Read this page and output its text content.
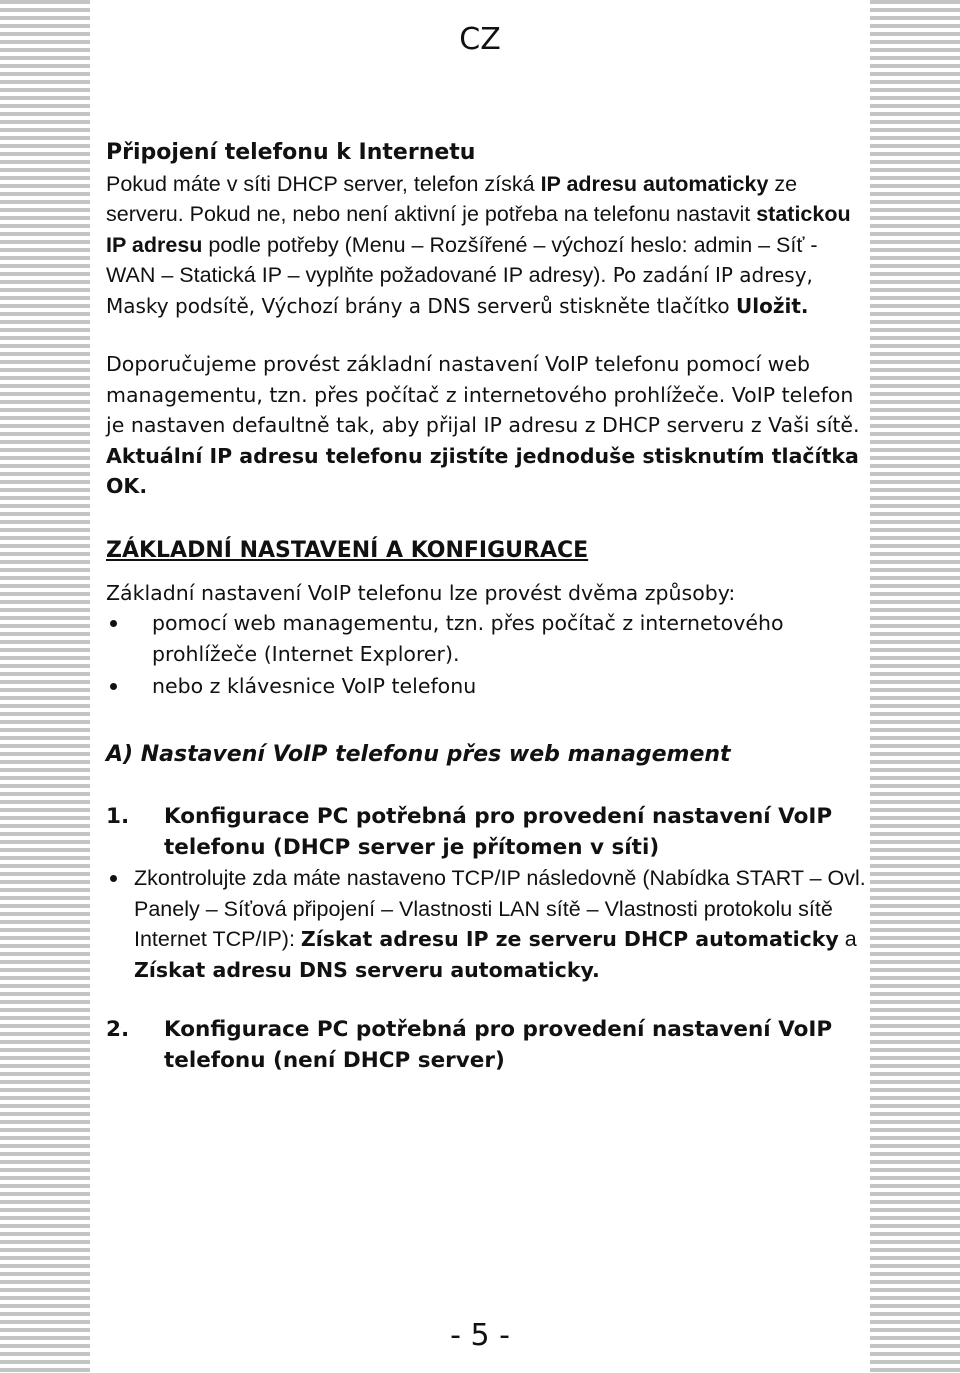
CZ

Připojení telefonu k Internetu

Pokud máte v síti DHCP server, telefon získá IP adresu automaticky ze serveru. Pokud ne, nebo není aktivní je potřeba na telefonu nastavit statickou IP adresu podle potřeby (Menu – Rozšířené – výchozí heslo: admin – Síť - WAN – Statická IP – vyplňte požadované IP adresy). Po zadání IP adresy, Masky podsítě, Výchozí brány a DNS serverů stiskněte tlačítko Uložit.

Doporučujeme provést základní nastavení VoIP telefonu pomocí web managementu, tzn. přes počítač z internetového prohlížeče. VoIP telefon je nastaven defaultně tak, aby přijal IP adresu z DHCP serveru z Vaši sítě. Aktuální IP adresu telefonu zjistíte jednoduše stisknutím tlačítka OK.

ZÁKLADNÍ NASTAVENÍ A KONFIGURACE

Základní nastavení VoIP telefonu lze provést dvěma způsoby:

pomocí web managementu, tzn. přes počítač z internetového prohlížeče (Internet Explorer).
nebo z klávesnice VoIP telefonu

A) Nastavení VoIP telefonu přes web management

1. Konfigurace PC potřebná pro provedení nastavení VoIP telefonu (DHCP server je přítomen v síti)
Zkontrolujte zda máte nastaveno TCP/IP následovně (Nabídka START – Ovl. Panely – Síťová připojení – Vlastnosti LAN sítě – Vlastnosti protokolu sítě Internet TCP/IP): Získat adresu IP ze serveru DHCP automaticky a Získat adresu DNS serveru automaticky.
2. Konfigurace PC potřebná pro provedení nastavení VoIP telefonu (není DHCP server)
- 5 -
